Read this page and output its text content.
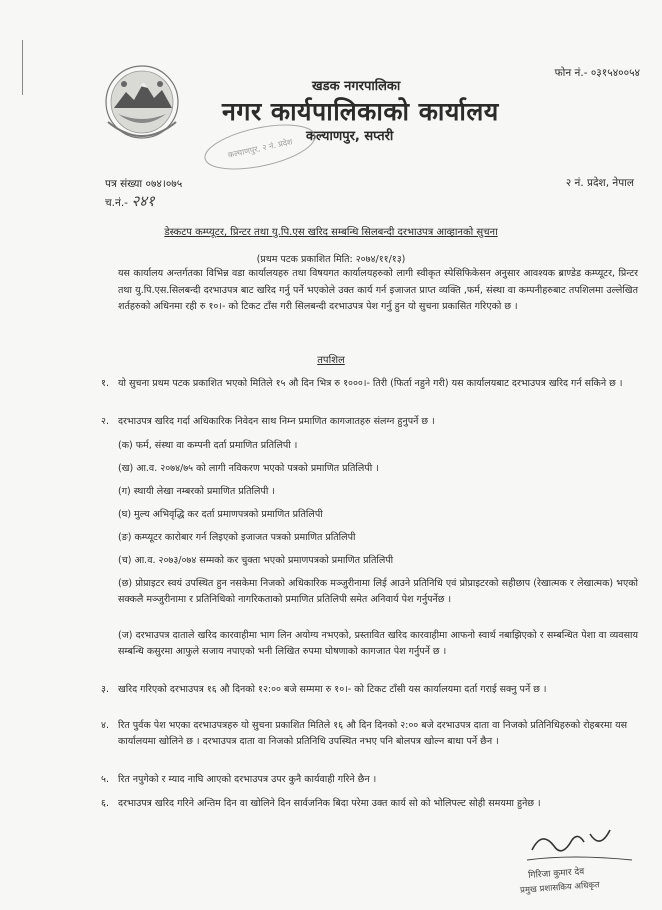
फोन नं.- ०३१५४००५४
खडक नगरपालिका
नगर कार्यपालिकाको कार्यालय
कल्याणपुर, सप्तरी
कल्याणपुर, २ नं. प्रदेश
पत्र संख्या ०७४।०७५
च.नं.- २४१
२ नं. प्रदेश, नेपाल
डेस्कटप कम्प्यूटर, प्रिन्टर तथा यु.पि.एस खरिद सम्बन्धि सिलबन्दी दरभाउपत्र आव्हानको सुचना
(प्रथम पटक प्रकाशित मिति: २०७४/११/१३)
यस कार्यालय अन्तर्गतका विभिन्न वडा कार्यालयहरु तथा विषयगत कार्यालयहरुको लागी स्वीकृत स्पेसिफिकेसन अनुसार आवश्यक ब्राण्डेड कम्प्यूटर, प्रिन्टर तथा यु.पि.एस.सिलबन्दी दरभाउपत्र बाट खरिद गर्नु पर्ने भएकोले उक्त कार्य गर्न इजाजत प्राप्त व्यक्ति ,फर्म, संस्था वा कम्पनीहरुबाट तपशिलमा उल्लेखित शर्तहरुको अधिनमा रही रु १०।- को टिकट टाँस गरी सिलबन्दी दरभाउपत्र पेश गर्नु हुन यो सुचना प्रकासित गरिएको छ ।
तपशिल
१. यो सुचना प्रथम पटक प्रकाशित भएको मितिले १५ औ दिन भित्र रु १०००।- तिरी (फिर्ता नहुने गरी) यस कार्यालयबाट दरभाउपत्र खरिद गर्न सकिने छ ।
२. दरभाउपत्र खरिद गर्दा अधिकारिक निवेदन साथ निम्न प्रमाणित कागजातहरु संलग्न हुनुपर्ने छ ।
(क) फर्म, संस्था वा कम्पनी दर्ता प्रमाणित प्रतिलिपी ।
(ख) आ.व. २०७४/७५ को लागी नविकरण भएको पत्रको प्रमाणित प्रतिलिपी ।
(ग) स्थायी लेखा नम्बरको प्रमाणित प्रतिलिपी ।
(घ) मुल्य अभिवृद्धि कर दर्ता प्रमाणपत्रको प्रमाणित प्रतिलिपी
(ङ) कम्प्यूटर कारोबार गर्न लिइएको इजाजत पत्रको प्रमाणित प्रतिलिपी
(च) आ.व. २०७३/०७४ सम्मको कर चुक्ता भएको प्रमाणपत्रको प्रमाणित प्रतिलिपी
(छ) प्रोप्राइटर स्वयं उपस्थित हुन नसकेमा निजको अधिकारिक मञ्जुरीनामा लिई आउने प्रतिनिधि एवं प्रोप्राइटरको सहीछाप (रेखात्मक र लेखात्मक) भएको सक्कलै मञ्जुरीनामा र प्रतिनिधिको नागरिकताको प्रमाणित प्रतिलिपी समेत अनिवार्य पेश गर्नुपर्नेछ ।
(ज) दरभाउपत्र दाताले खरिद कारवाहीमा भाग लिन अयोग्य नभएको, प्रस्तावित खरिद कारवाहीमा आफनो स्वार्थ नबाझिएको र सम्बन्धित पेशा वा व्यवसाय सम्बन्धि कसुरमा आफुले सजाय नपाएको भनी लिखित रुपमा घोषणाको कागजात पेश गर्नुपर्ने छ ।
३. खरिद गरिएको दरभाउपत्र १६ औ दिनको १२:०० बजे सम्ममा रु १०।- को टिकट टाँसी यस कार्यालयमा दर्ता गराई सक्नु पर्ने छ ।
४. रित पुर्वक पेश भएका दरभाउपत्रहरु यो सुचना प्रकाशित मितिले १६ औ दिन दिनको २:०० बजे दरभाउपत्र दाता वा निजको प्रतिनिधिहरुको रोहबरमा यस कार्यालयमा खोलिने छ । दरभाउपत्र दाता वा निजको प्रतिनिधि उपस्थित नभए पनि बोलपत्र खोल्न बाधा पर्ने छैन ।
५. रित नपुगेको र म्याद नाघि आएको दरभाउपत्र उपर कुनै कार्यवाही गरिने छैन ।
६. दरभाउपत्र खरिद गरिने अन्तिम दिन वा खोलिने दिन सार्वजनिक बिदा परेमा उक्त कार्य सो को भोलिपल्ट सोही समयमा हुनेछ ।
गिरिजा कुमार देव
प्रमुख प्रशासकिय अधिकृत
